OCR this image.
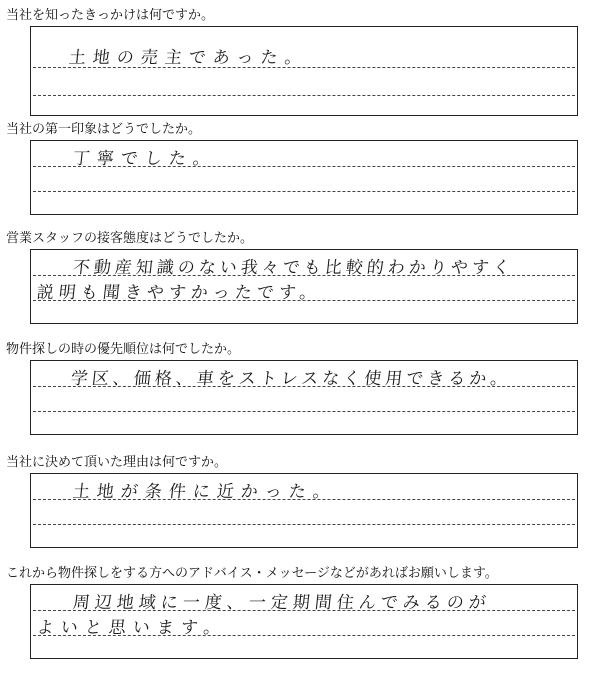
当社を知ったきっかけは何ですか。
土地の売主であった。
当社の第一印象はどうでしたか。
丁寧でした。
営業スタッフの接客態度はどうでしたか。
不動産知識のない我々でも比較的わかりやすく
説明も聞きやすかったです。
物件探しの時の優先順位は何でしたか。
学区、価格、車をストレスなく使用できるか。
当社に決めて頂いた理由は何ですか。
土地が条件に近かった。
これから物件探しをする方へのアドバイス・メッセージなどがあればお願いします。
周辺地域に一度、一定期間住んでみるのが
よいと思います。
